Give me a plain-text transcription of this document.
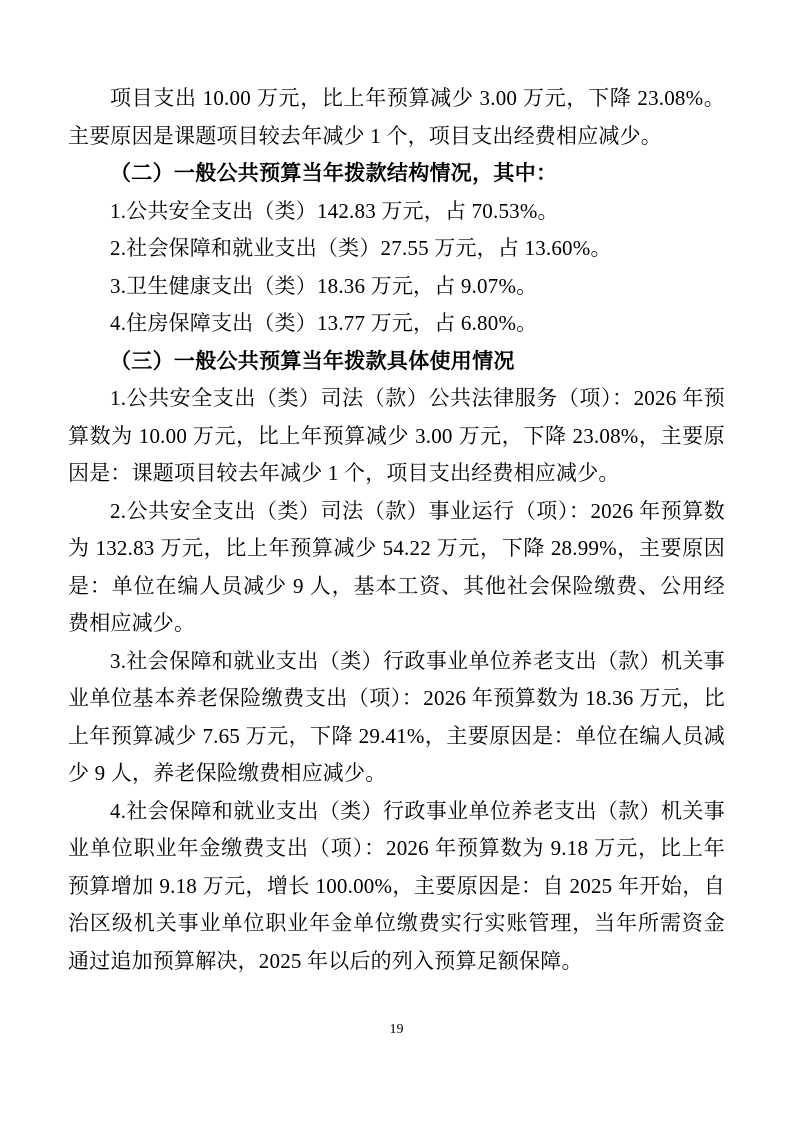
项目支出 10.00 万元，比上年预算减少 3.00 万元，下降 23.08%。主要原因是课题项目较去年减少 1 个，项目支出经费相应减少。

（二）一般公共预算当年拨款结构情况，其中：

1.公共安全支出（类）142.83 万元，占 70.53%。

2.社会保障和就业支出（类）27.55 万元，占 13.60%。

3.卫生健康支出（类）18.36 万元，占 9.07%。

4.住房保障支出（类）13.77 万元，占 6.80%。

（三）一般公共预算当年拨款具体使用情况

1.公共安全支出（类）司法（款）公共法律服务（项）：2026 年预算数为 10.00 万元，比上年预算减少 3.00 万元，下降 23.08%，主要原因是：课题项目较去年减少 1 个，项目支出经费相应减少。

2.公共安全支出（类）司法（款）事业运行（项）：2026 年预算数为 132.83 万元，比上年预算减少 54.22 万元，下降 28.99%，主要原因是：单位在编人员减少 9 人，基本工资、其他社会保险缴费、公用经费相应减少。

3.社会保障和就业支出（类）行政事业单位养老支出（款）机关事业单位基本养老保险缴费支出（项）：2026 年预算数为 18.36 万元，比上年预算减少 7.65 万元，下降 29.41%，主要原因是：单位在编人员减少 9 人，养老保险缴费相应减少。

4.社会保障和就业支出（类）行政事业单位养老支出（款）机关事业单位职业年金缴费支出（项）：2026 年预算数为 9.18 万元，比上年预算增加 9.18 万元，增长 100.00%，主要原因是：自 2025 年开始，自治区级机关事业单位职业年金单位缴费实行实账管理，当年所需资金通过追加预算解决，2025 年以后的列入预算足额保障。

19
